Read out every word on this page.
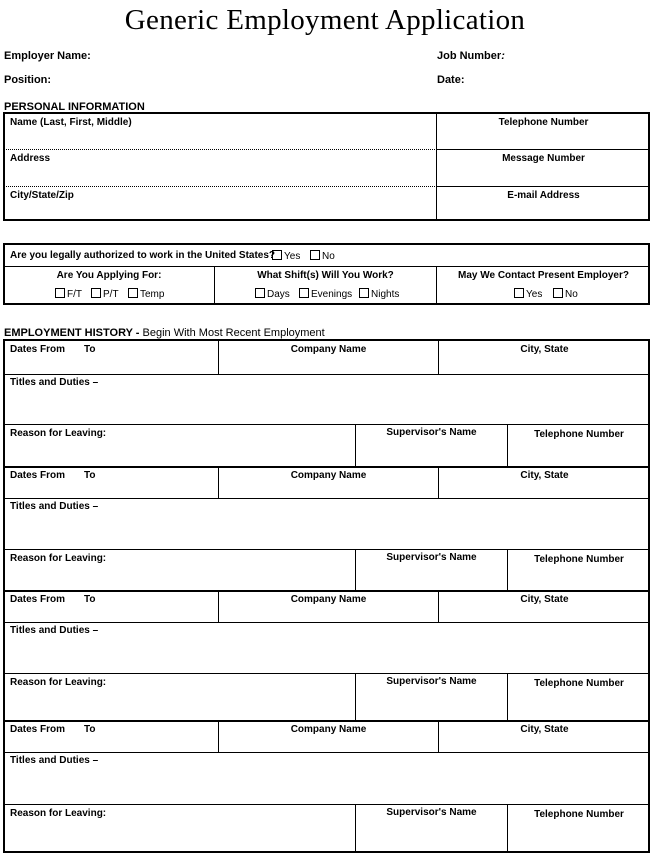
Generic Employment Application
Employer Name:	Job Number:
Position:	Date:
PERSONAL INFORMATION
Name (Last, First, Middle)	Telephone Number
Address	Message Number
City/State/Zip	E-mail Address
Are you legally authorized to work in the United States? Yes	No
Are You Applying For:
F/T	P/T	Temp
What Shift(s) Will You Work?
Days	Evenings	Nights
May We Contact Present Employer?
Yes	No
EMPLOYMENT HISTORY - Begin With Most Recent Employment
Dates From To	Company Name	City, State
Titles and Duties –
Reason for Leaving:	Supervisor's Name	Telephone Number
Dates From To	Company Name	City, State
Titles and Duties –
Reason for Leaving:	Supervisor's Name	Telephone Number
Dates From To	Company Name	City, State
Titles and Duties –
Reason for Leaving:	Supervisor's Name	Telephone Number
Dates From To	Company Name	City, State
Titles and Duties –
Reason for Leaving:	Supervisor's Name	Telephone Number
